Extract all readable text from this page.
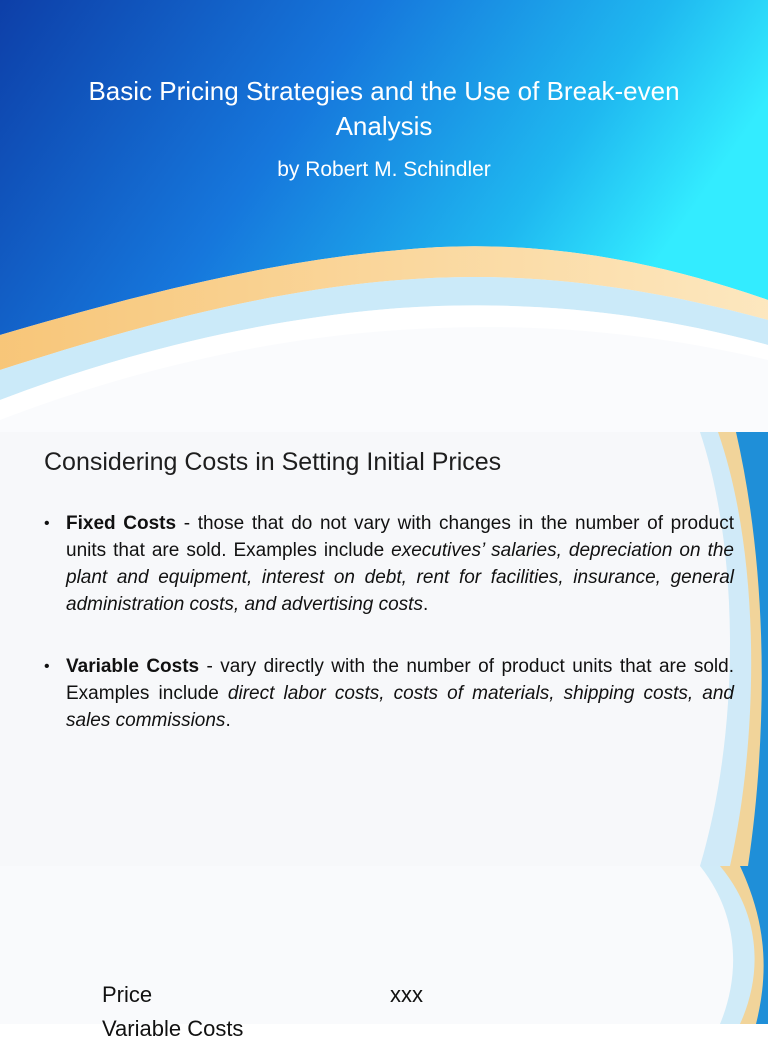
Basic Pricing Strategies and the Use of Break-even Analysis
by Robert M. Schindler
Considering Costs in Setting Initial Prices
• Fixed Costs - those that do not vary with changes in the number of product units that are sold. Examples include executives’ salaries, depreciation on the plant and equipment, interest on debt, rent for facilities, insurance, general administration costs, and advertising costs.
• Variable Costs - vary directly with the number of product units that are sold. Examples include direct labor costs, costs of materials, shipping costs, and sales commissions.
Price	xxx
Variable Costs
